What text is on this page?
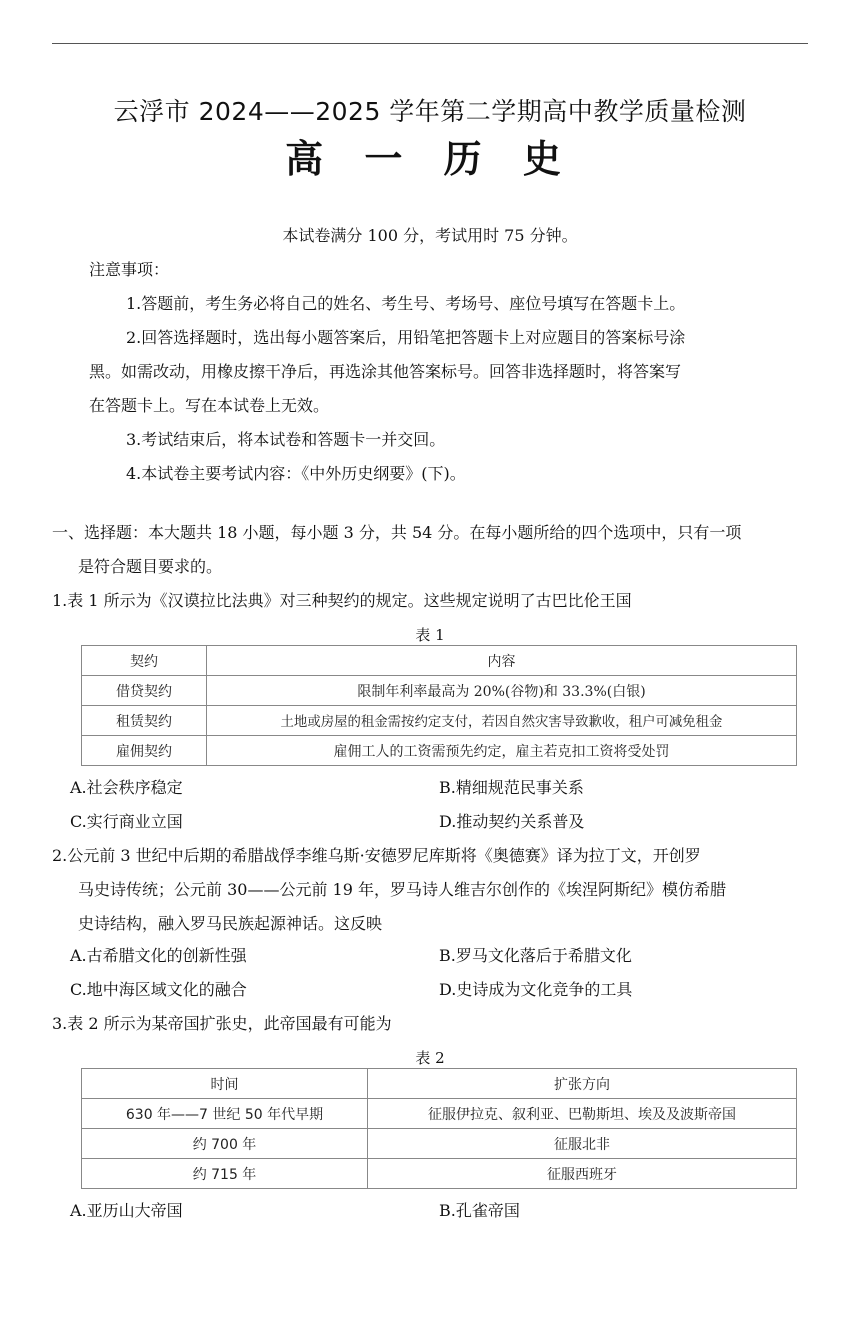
云浮市 2024——2025 学年第二学期高中教学质量检测
高 一 历 史
本试卷满分 100 分，考试用时 75 分钟。
注意事项：
1.答题前，考生务必将自己的姓名、考生号、考场号、座位号填写在答题卡上。
2.回答选择题时，选出每小题答案后，用铅笔把答题卡上对应题目的答案标号涂
黑。如需改动，用橡皮擦干净后，再选涂其他答案标号。回答非选择题时，将答案写
在答题卡上。写在本试卷上无效。
3.考试结束后，将本试卷和答题卡一并交回。
4.本试卷主要考试内容：《中外历史纲要》(下)。
一、选择题：本大题共 18 小题，每小题 3 分，共 54 分。在每小题所给的四个选项中，只有一项
是符合题目要求的。
1.表 1 所示为《汉谟拉比法典》对三种契约的规定。这些规定说明了古巴比伦王国
表 1
契约	内容
借贷契约	限制年利率最高为 20%(谷物)和 33.3%(白银)
租赁契约	土地或房屋的租金需按约定支付，若因自然灾害导致歉收，租户可减免租金
雇佣契约	雇佣工人的工资需预先约定，雇主若克扣工资将受处罚
A.社会秩序稳定	B.精细规范民事关系
C.实行商业立国	D.推动契约关系普及
2.公元前 3 世纪中后期的希腊战俘李维乌斯·安德罗尼库斯将《奥德赛》译为拉丁文，开创罗
马史诗传统；公元前 30——公元前 19 年，罗马诗人维吉尔创作的《埃涅阿斯纪》模仿希腊
史诗结构，融入罗马民族起源神话。这反映
A.古希腊文化的创新性强	B.罗马文化落后于希腊文化
C.地中海区域文化的融合	D.史诗成为文化竞争的工具
3.表 2 所示为某帝国扩张史，此帝国最有可能为
表 2
时间	扩张方向
630 年——7 世纪 50 年代早期	征服伊拉克、叙利亚、巴勒斯坦、埃及及波斯帝国
约 700 年	征服北非
约 715 年	征服西班牙
A.亚历山大帝国	B.孔雀帝国
